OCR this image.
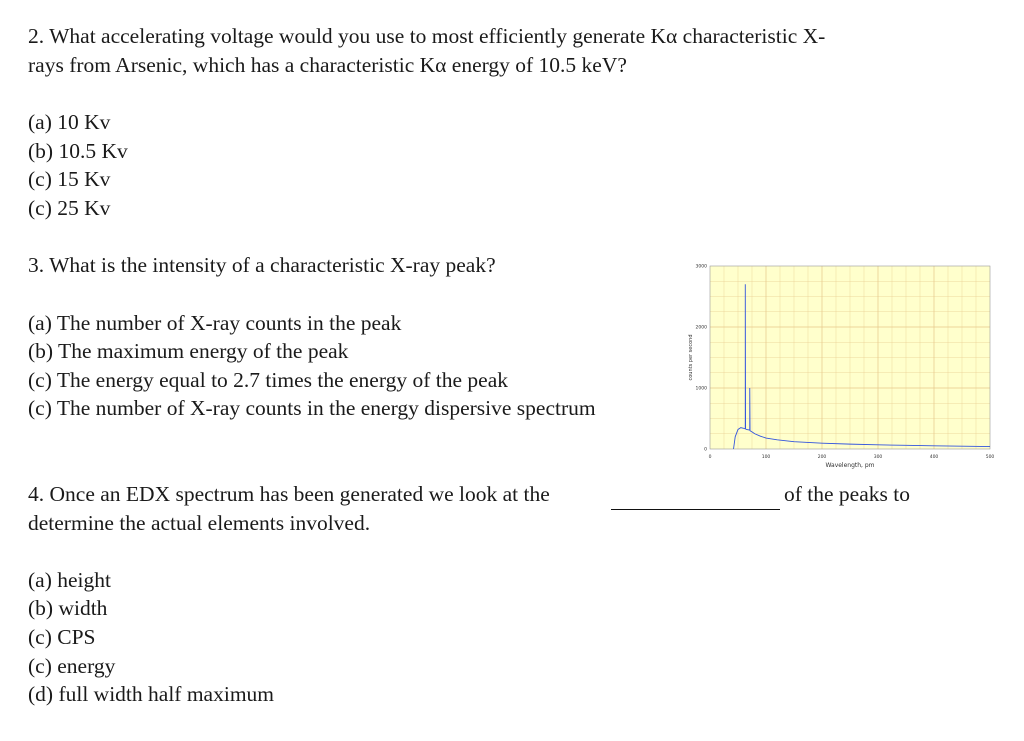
2. What accelerating voltage would you use to most efficiently generate Kα characteristic X-
rays from Arsenic, which has a characteristic Kα energy of 10.5 keV?
(a) 10 Kv
(b) 10.5 Kv
(c) 15 Kv
(c) 25 Kv
3. What is the intensity of a characteristic X-ray peak?
(a) The number of X-ray counts in the peak
(b) The maximum energy of the peak
(c) The energy equal to 2.7 times the energy of the peak
(c) The number of X-ray counts in the energy dispersive spectrum
0	100	200	300	400	500
0
1000
2000
3000
Wavelength, pm
counts per second
4. Once an EDX spectrum has been generated we look at the	of the peaks to
determine the actual elements involved.
(a) height
(b) width
(c) CPS
(c) energy
(d) full width half maximum
